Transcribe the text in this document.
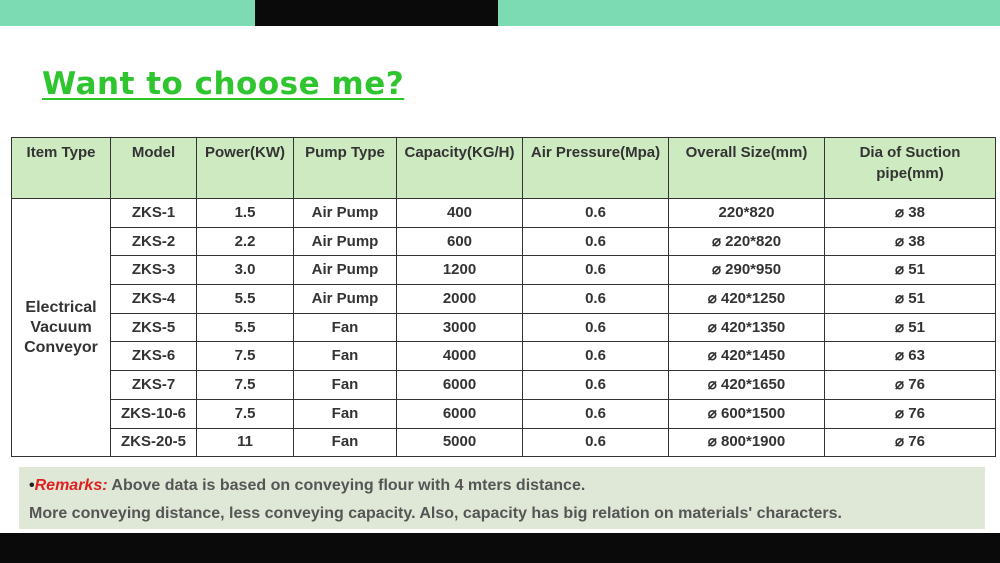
Want to choose me?
Item Type	Model	Power(KW)	Pump Type	Capacity(KG/H)	Air Pressure(Mpa)	Overall Size(mm)	Dia of Suction pipe(mm)
Electrical Vacuum Conveyor	ZKS-1	1.5	Air Pump	400	0.6	220*820	⌀ 38
	ZKS-2	2.2	Air Pump	600	0.6	⌀ 220*820	⌀ 38
	ZKS-3	3.0	Air Pump	1200	0.6	⌀ 290*950	⌀ 51
	ZKS-4	5.5	Air Pump	2000	0.6	⌀ 420*1250	⌀ 51
	ZKS-5	5.5	Fan	3000	0.6	⌀ 420*1350	⌀ 51
	ZKS-6	7.5	Fan	4000	0.6	⌀ 420*1450	⌀ 63
	ZKS-7	7.5	Fan	6000	0.6	⌀ 420*1650	⌀ 76
	ZKS-10-6	7.5	Fan	6000	0.6	⌀ 600*1500	⌀ 76
	ZKS-20-5	11	Fan	5000	0.6	⌀ 800*1900	⌀ 76
•Remarks: Above data is based on conveying flour with 4 mters distance.
More conveying distance, less conveying capacity. Also, capacity has big relation on materials' characters.
